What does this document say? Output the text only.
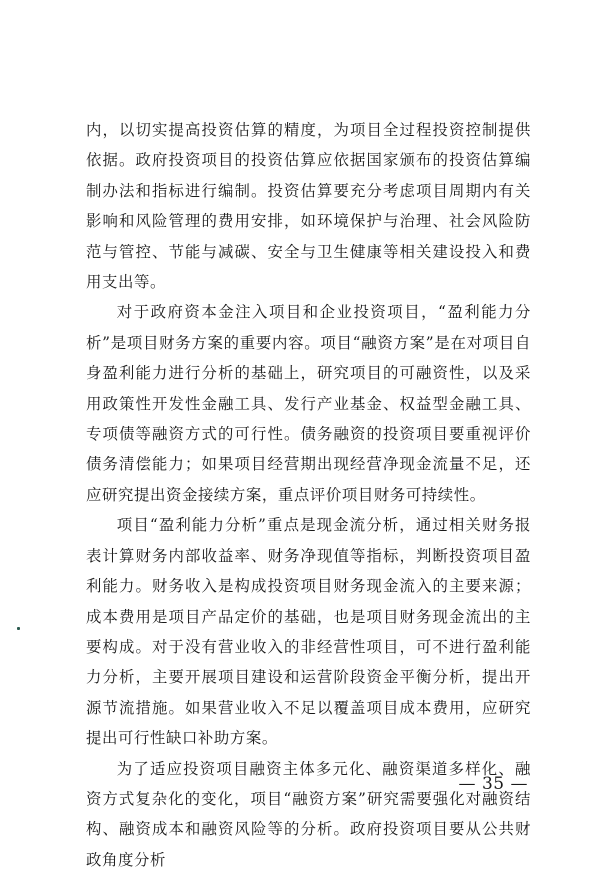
内，以切实提高投资估算的精度，为项目全过程投资控制提供依据。政府投资项目的投资估算应依据国家颁布的投资估算编制办法和指标进行编制。投资估算要充分考虑项目周期内有关影响和风险管理的费用安排，如环境保护与治理、社会风险防范与管控、节能与减碳、安全与卫生健康等相关建设投入和费用支出等。

对于政府资本金注入项目和企业投资项目，“盈利能力分析”是项目财务方案的重要内容。项目“融资方案”是在对项目自身盈利能力进行分析的基础上，研究项目的可融资性，以及采用政策性开发性金融工具、发行产业基金、权益型金融工具、专项债等融资方式的可行性。债务融资的投资项目要重视评价债务清偿能力；如果项目经营期出现经营净现金流量不足，还应研究提出资金接续方案，重点评价项目财务可持续性。

项目“盈利能力分析”重点是现金流分析，通过相关财务报表计算财务内部收益率、财务净现值等指标，判断投资项目盈利能力。财务收入是构成投资项目财务现金流入的主要来源；成本费用是项目产品定价的基础，也是项目财务现金流出的主要构成。对于没有营业收入的非经营性项目，可不进行盈利能力分析，主要开展项目建设和运营阶段资金平衡分析，提出开源节流措施。如果营业收入不足以覆盖项目成本费用，应研究提出可行性缺口补助方案。

为了适应投资项目融资主体多元化、融资渠道多样化、融资方式复杂化的变化，项目“融资方案”研究需要强化对融资结构、融资成本和融资风险等的分析。政府投资项目要从公共财政角度分析

— 35 —
